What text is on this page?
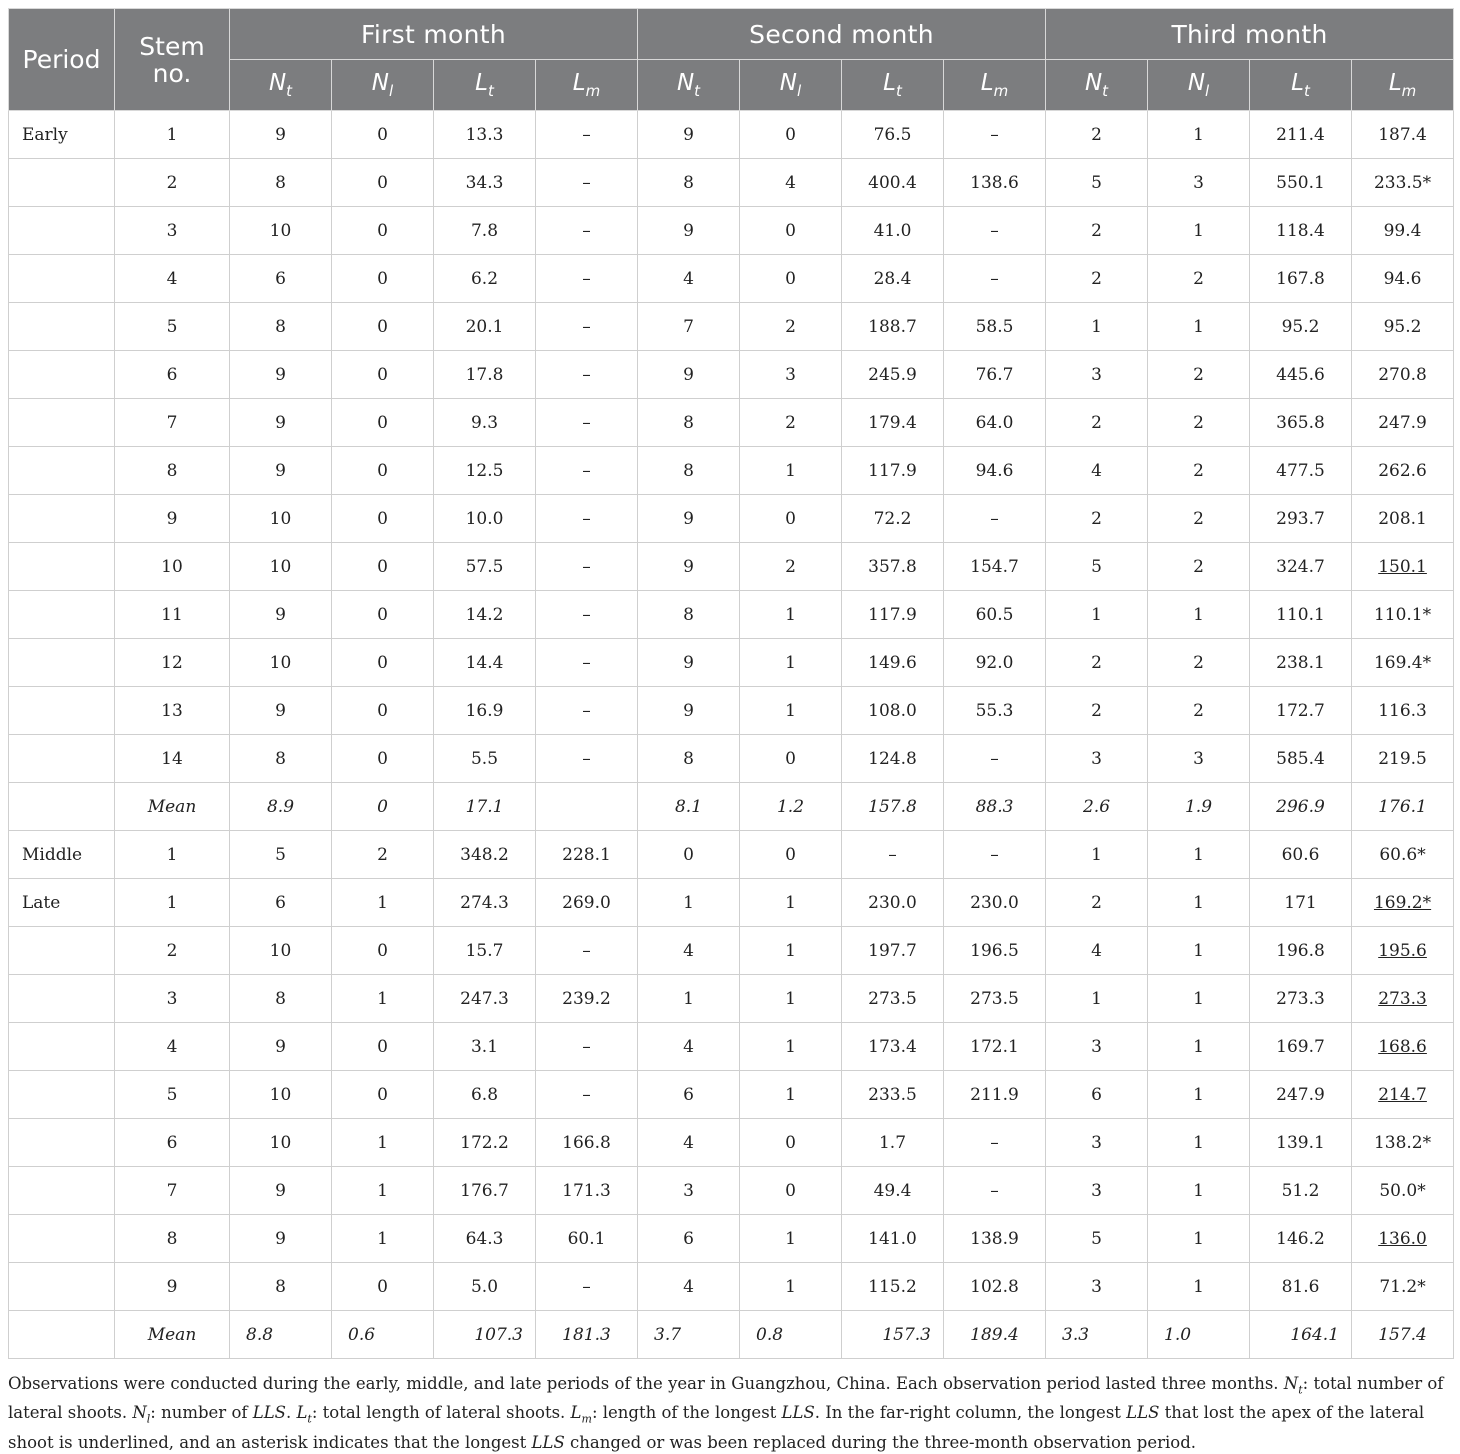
Period	Stem no.	First month				Second month				Third month			
		$N_t$	$N_l$	$L_t$	$L_m$	$N_t$	$N_l$	$L_t$	$L_m$	$N_t$	$N_l$	$L_t$	$L_m$
Early	1	9	0	13.3	–	9	0	76.5	–	2	1	211.4	187.4
	2	8	0	34.3	–	8	4	400.4	138.6	5	3	550.1	233.5*
	3	10	0	7.8	–	9	0	41.0	–	2	1	118.4	99.4
	4	6	0	6.2	–	4	0	28.4	–	2	2	167.8	94.6
	5	8	0	20.1	–	7	2	188.7	58.5	1	1	95.2	95.2
	6	9	0	17.8	–	9	3	245.9	76.7	3	2	445.6	270.8
	7	9	0	9.3	–	8	2	179.4	64.0	2	2	365.8	247.9
	8	9	0	12.5	–	8	1	117.9	94.6	4	2	477.5	262.6
	9	10	0	10.0	–	9	0	72.2	–	2	2	293.7	208.1
	10	10	0	57.5	–	9	2	357.8	154.7	5	2	324.7	150.1
	11	9	0	14.2	–	8	1	117.9	60.5	1	1	110.1	110.1*
	12	10	0	14.4	–	9	1	149.6	92.0	2	2	238.1	169.4*
	13	9	0	16.9	–	9	1	108.0	55.3	2	2	172.7	116.3
	14	8	0	5.5	–	8	0	124.8	–	3	3	585.4	219.5
	Mean	8.9	0	17.1		8.1	1.2	157.8	88.3	2.6	1.9	296.9	176.1
Middle	1	5	2	348.2	228.1	0	0	–	–	1	1	60.6	60.6*
Late	1	6	1	274.3	269.0	1	1	230.0	230.0	2	1	171	169.2*
	2	10	0	15.7	–	4	1	197.7	196.5	4	1	196.8	195.6
	3	8	1	247.3	239.2	1	1	273.5	273.5	1	1	273.3	273.3
	4	9	0	3.1	–	4	1	173.4	172.1	3	1	169.7	168.6
	5	10	0	6.8	–	6	1	233.5	211.9	6	1	247.9	214.7
	6	10	1	172.2	166.8	4	0	1.7	–	3	1	139.1	138.2*
	7	9	1	176.7	171.3	3	0	49.4	–	3	1	51.2	50.0*
	8	9	1	64.3	60.1	6	1	141.0	138.9	5	1	146.2	136.0
	9	8	0	5.0	–	4	1	115.2	102.8	3	1	81.6	71.2*
	Mean	8.8	0.6	107.3	181.3	3.7	0.8	157.3	189.4	3.3	1.0	164.1	157.4
Observations were conducted during the early, middle, and late periods of the year in Guangzhou, China. Each observation period lasted three months. $N_t$: total number of lateral shoots. $N_l$: number of LLS. $L_t$: total length of lateral shoots. $L_m$: length of the longest LLS. In the far-right column, the longest LLS that lost the apex of the lateral shoot is underlined, and an asterisk indicates that the longest LLS changed or was been replaced during the three-month observation period.
